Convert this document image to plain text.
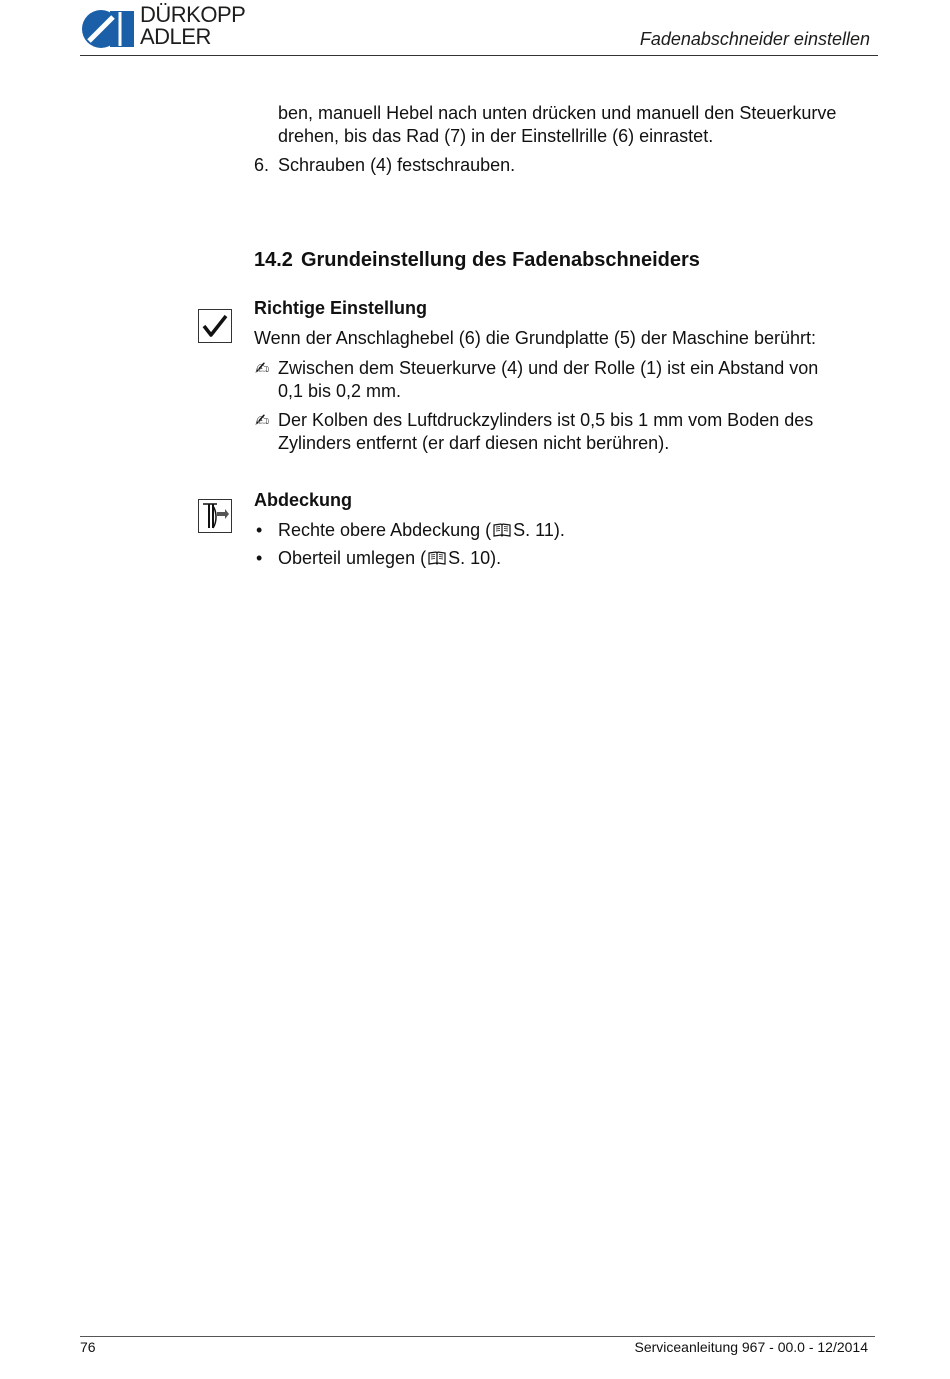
DÜRKOPP
ADLER	Fadenabschneider einstellen
ben, manuell Hebel nach unten drücken und manuell den Steuerkurve
drehen, bis das Rad (7) in der Einstellrille (6) einrastet.
6. Schrauben (4) festschrauben.
14.2 Grundeinstellung des Fadenabschneiders
Richtige Einstellung
Wenn der Anschlaghebel (6) die Grundplatte (5) der Maschine berührt:
✍ Zwischen dem Steuerkurve (4) und der Rolle (1) ist ein Abstand von
0,1 bis 0,2 mm.
✍ Der Kolben des Luftdruckzylinders ist 0,5 bis 1 mm vom Boden des
Zylinders entfernt (er darf diesen nicht berühren).
Abdeckung
• Rechte obere Abdeckung ( S. 11).
• Oberteil umlegen ( S. 10).
76	Serviceanleitung 967 - 00.0 - 12/2014
